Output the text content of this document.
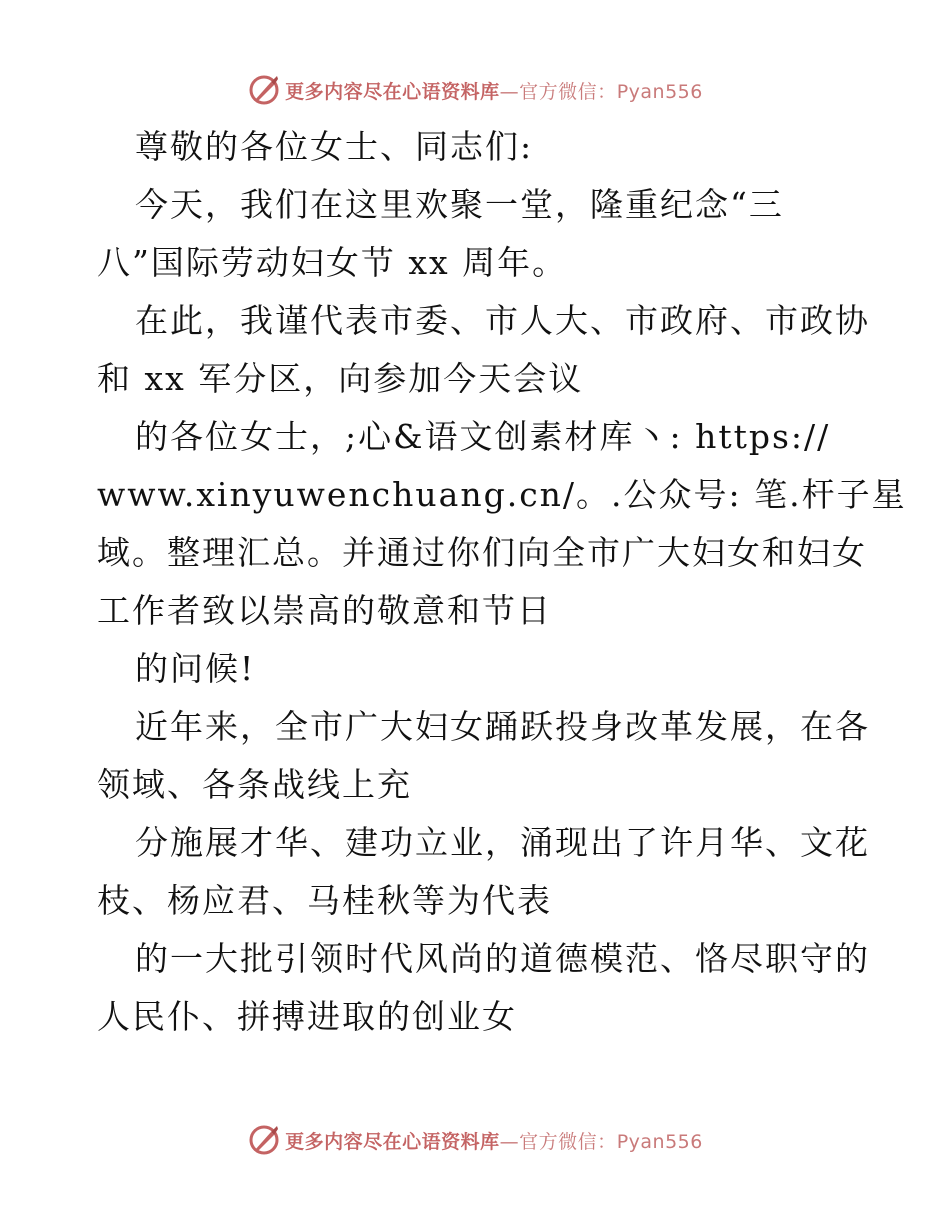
更多内容尽在心语资料库—官方微信：Pyan556
尊敬的各位女士、同志们:
今天，我们在这里欢聚一堂，隆重纪念“三
八”国际劳动妇女节 xx 周年。
在此，我谨代表市委、市人大、市政府、市政协
和 xx 军分区，向参加今天会议
的各位女士，;心&语文创素材库丶: https://
www.xinyuwenchuang.cn/。.公众号: 笔.杆子星
域。整理汇总。并通过你们向全市广大妇女和妇女
工作者致以崇高的敬意和节日
的问候!
近年来，全市广大妇女踊跃投身改革发展，在各
领域、各条战线上充
分施展才华、建功立业，涌现出了许月华、文花
枝、杨应君、马桂秋等为代表
的一大批引领时代风尚的道德模范、恪尽职守的
人民仆、拼搏进取的创业女
更多内容尽在心语资料库—官方微信：Pyan556
